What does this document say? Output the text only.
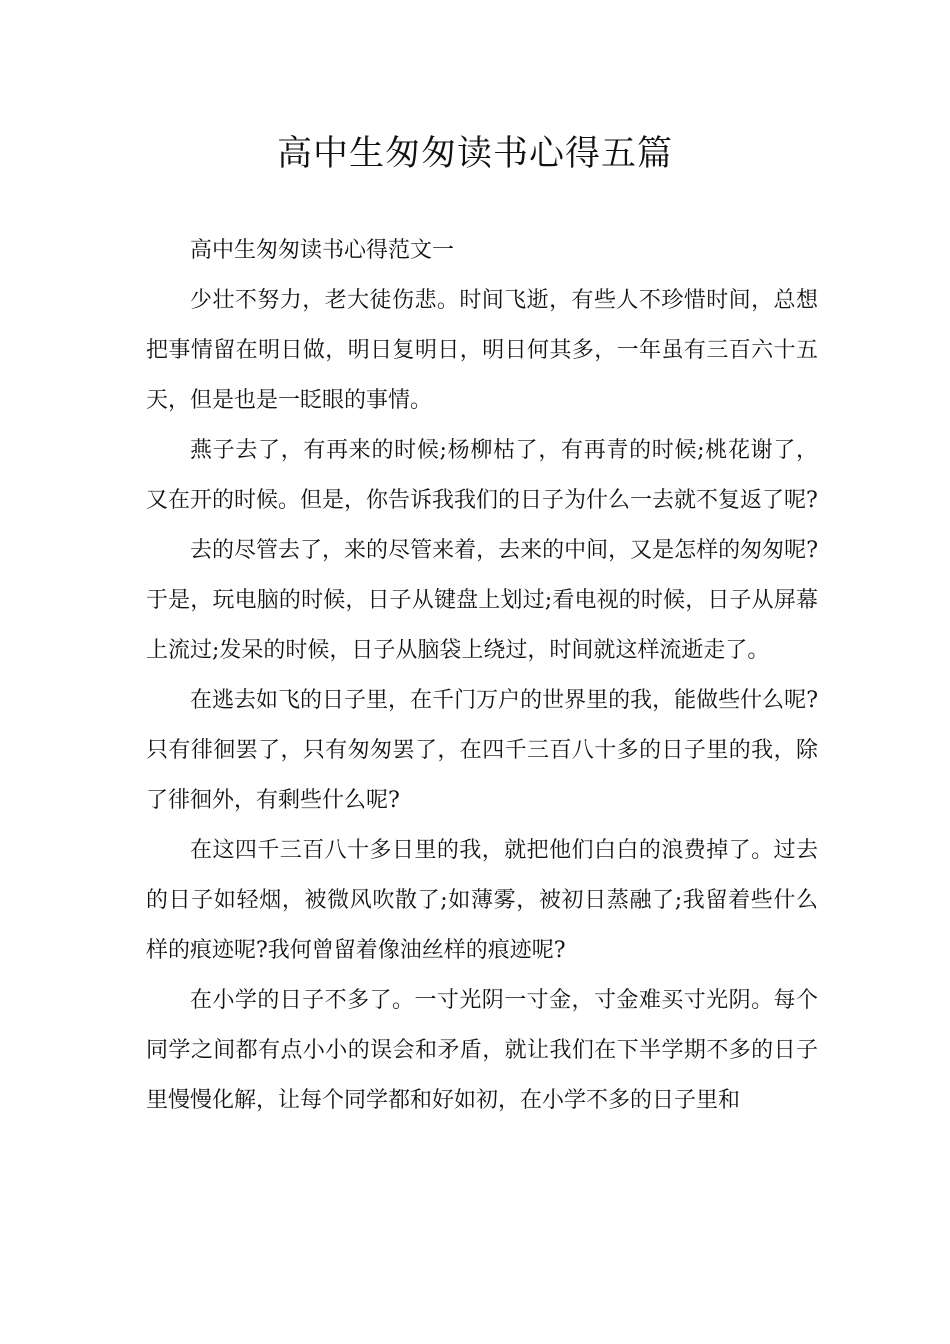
高中生匆匆读书心得五篇

高中生匆匆读书心得范文一

少壮不努力，老大徒伤悲。时间飞逝，有些人不珍惜时间，总想把事情留在明日做，明日复明日，明日何其多，一年虽有三百六十五天，但是也是一眨眼的事情。

燕子去了，有再来的时候;杨柳枯了，有再青的时候;桃花谢了，又在开的时候。但是，你告诉我我们的日子为什么一去就不复返了呢?

去的尽管去了，来的尽管来着，去来的中间，又是怎样的匆匆呢?于是，玩电脑的时候，日子从键盘上划过;看电视的时候，日子从屏幕上流过;发呆的时候，日子从脑袋上绕过，时间就这样流逝走了。

在逃去如飞的日子里，在千门万户的世界里的我，能做些什么呢?只有徘徊罢了，只有匆匆罢了，在四千三百八十多的日子里的我，除了徘徊外，有剩些什么呢?

在这四千三百八十多日里的我，就把他们白白的浪费掉了。过去的日子如轻烟，被微风吹散了;如薄雾，被初日蒸融了;我留着些什么样的痕迹呢?我何曾留着像油丝样的痕迹呢?

在小学的日子不多了。一寸光阴一寸金，寸金难买寸光阴。每个同学之间都有点小小的误会和矛盾，就让我们在下半学期不多的日子里慢慢化解，让每个同学都和好如初，在小学不多的日子里和
